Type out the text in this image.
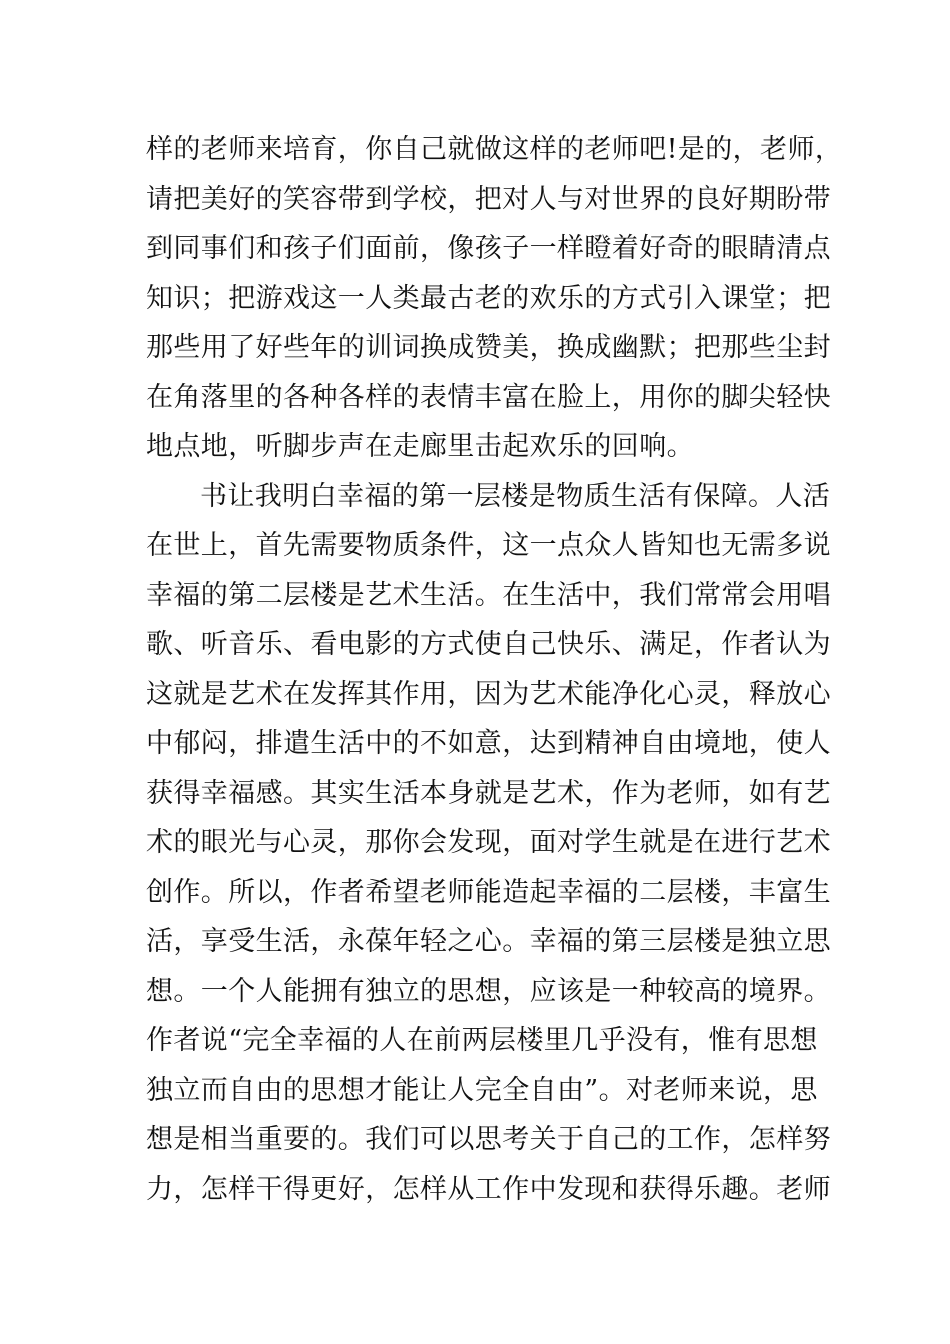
样的老师来培育，你自己就做这样的老师吧!是的，老师，
请把美好的笑容带到学校，把对人与对世界的良好期盼带
到同事们和孩子们面前，像孩子一样瞪着好奇的眼睛清点
知识；把游戏这一人类最古老的欢乐的方式引入课堂；把
那些用了好些年的训词换成赞美，换成幽默；把那些尘封
在角落里的各种各样的表情丰富在脸上，用你的脚尖轻快
地点地，听脚步声在走廊里击起欢乐的回响。
书让我明白幸福的第一层楼是物质生活有保障。人活
在世上，首先需要物质条件，这一点众人皆知也无需多说
幸福的第二层楼是艺术生活。在生活中，我们常常会用唱
歌、听音乐、看电影的方式使自己快乐、满足，作者认为
这就是艺术在发挥其作用，因为艺术能净化心灵，释放心
中郁闷，排遣生活中的不如意，达到精神自由境地，使人
获得幸福感。其实生活本身就是艺术，作为老师，如有艺
术的眼光与心灵，那你会发现，面对学生就是在进行艺术
创作。所以，作者希望老师能造起幸福的二层楼，丰富生
活，享受生活，永葆年轻之心。幸福的第三层楼是独立思
想。一个人能拥有独立的思想，应该是一种较高的境界。
作者说“完全幸福的人在前两层楼里几乎没有，惟有思想
独立而自由的思想才能让人完全自由”。对老师来说，思
想是相当重要的。我们可以思考关于自己的工作，怎样努
力，怎样干得更好，怎样从工作中发现和获得乐趣。老师
